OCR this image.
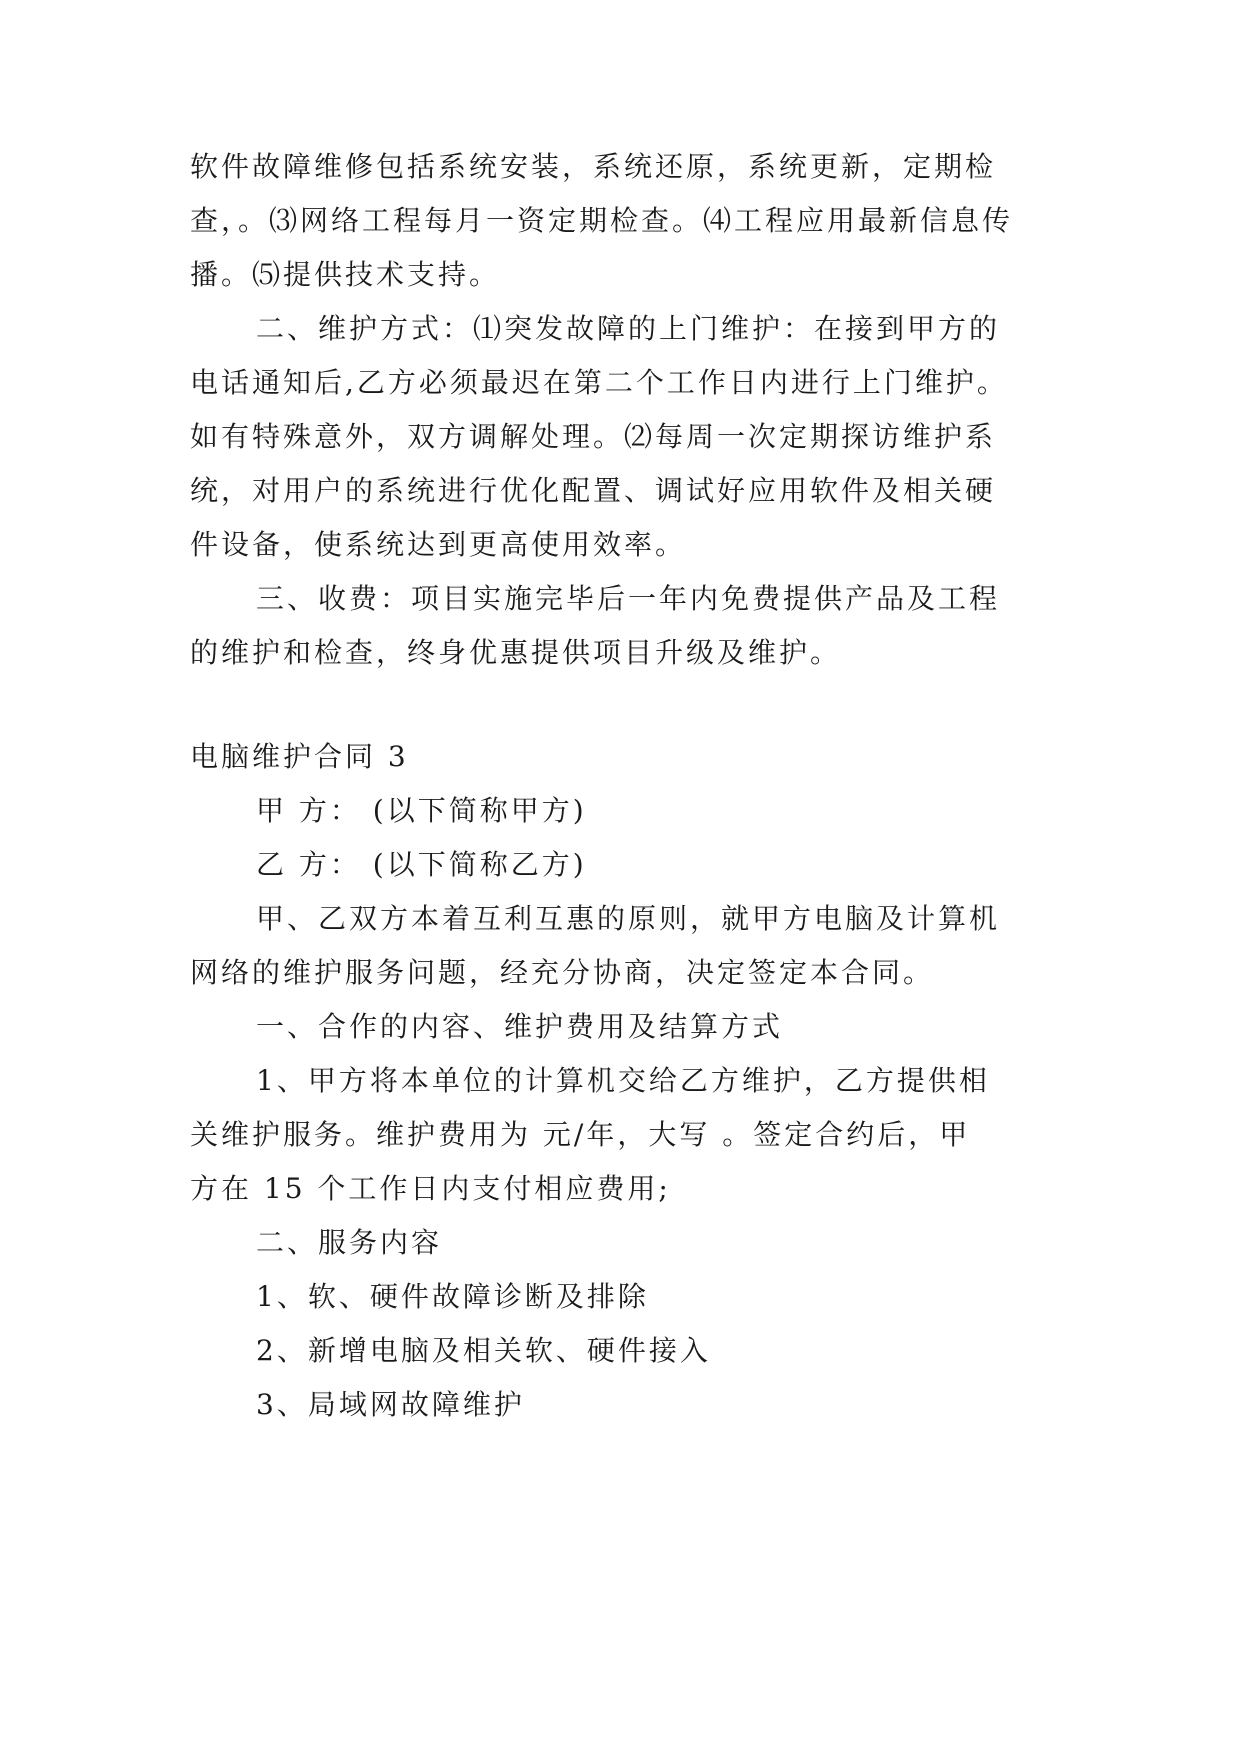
软件故障维修包括系统安装，系统还原，系统更新，定期检
查，。⑶网络工程每月一资定期检查。⑷工程应用最新信息传
播。⑸提供技术支持。
二、维护方式：⑴突发故障的上门维护：在接到甲方的
电话通知后,乙方必须最迟在第二个工作日内进行上门维护。
如有特殊意外，双方调解处理。⑵每周一次定期探访维护系
统，对用户的系统进行优化配置、调试好应用软件及相关硬
件设备，使系统达到更高使用效率。
三、收费：项目实施完毕后一年内免费提供产品及工程
的维护和检查，终身优惠提供项目升级及维护。
电脑维护合同 3
甲 方： (以下简称甲方)
乙 方： (以下简称乙方)
甲、乙双方本着互利互惠的原则，就甲方电脑及计算机
网络的维护服务问题，经充分协商，决定签定本合同。
一、合作的内容、维护费用及结算方式
1、甲方将本单位的计算机交给乙方维护，乙方提供相
关维护服务。维护费用为 元/年，大写 。签定合约后，甲
方在 15 个工作日内支付相应费用;
二、服务内容
1、软、硬件故障诊断及排除
2、新增电脑及相关软、硬件接入
3、局域网故障维护
